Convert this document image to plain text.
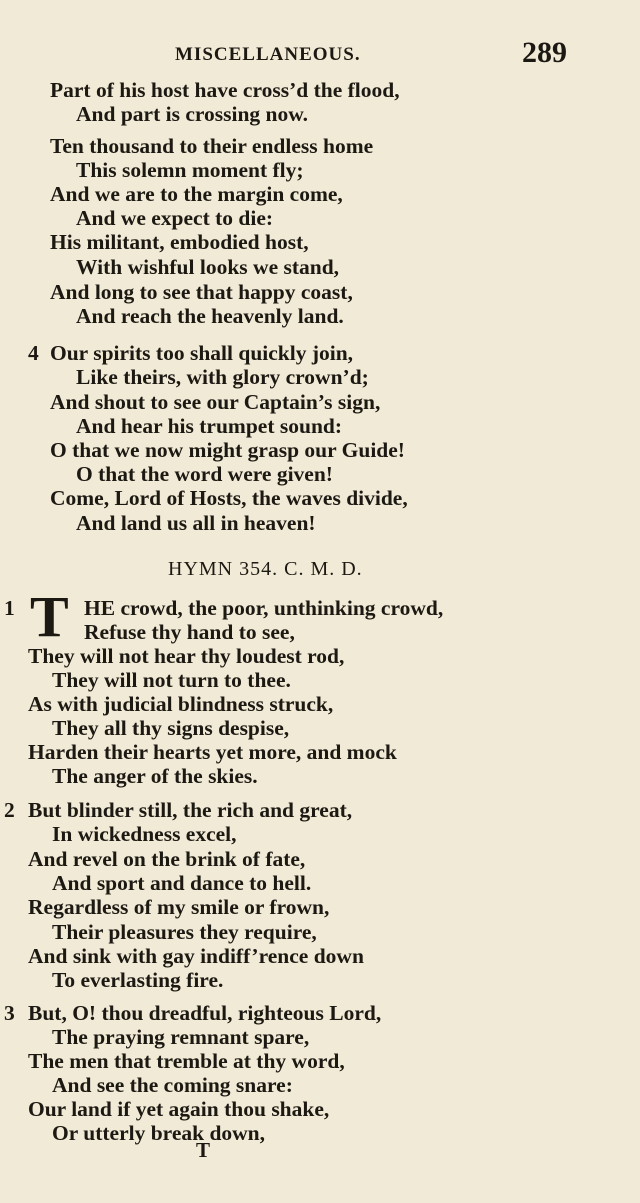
MISCELLANEOUS.	289
Part of his host have cross’d the flood,
And part is crossing now.
Ten thousand to their endless home
This solemn moment fly;
And we are to the margin come,
And we expect to die:
His militant, embodied host,
With wishful looks we stand,
And long to see that happy coast,
And reach the heavenly land.
4 Our spirits too shall quickly join,
Like theirs, with glory crown’d;
And shout to see our Captain’s sign,
And hear his trumpet sound:
O that we now might grasp our Guide!
O that the word were given!
Come, Lord of Hosts, the waves divide,
And land us all in heaven!
HYMN 354. C. M. D.
1 T HE crowd, the poor, unthinking crowd,
Refuse thy hand to see,
They will not hear thy loudest rod,
They will not turn to thee.
As with judicial blindness struck,
They all thy signs despise,
Harden their hearts yet more, and mock
The anger of the skies.
2 But blinder still, the rich and great,
In wickedness excel,
And revel on the brink of fate,
And sport and dance to hell.
Regardless of my smile or frown,
Their pleasures they require,
And sink with gay indiff’rence down
To everlasting fire.
3 But, O! thou dreadful, righteous Lord,
The praying remnant spare,
The men that tremble at thy word,
And see the coming snare:
Our land if yet again thou shake,
Or utterly break down,
T
